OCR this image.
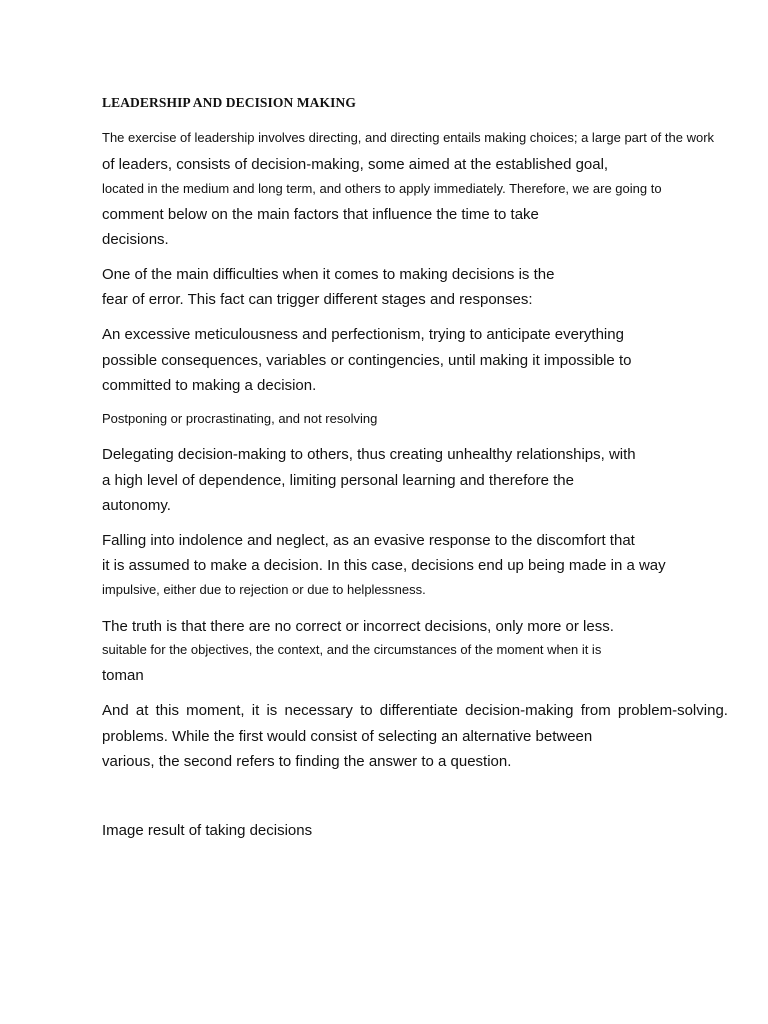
LEADERSHIP AND DECISION MAKING
The exercise of leadership involves directing, and directing entails making choices; a large part of the work
of leaders, consists of decision-making, some aimed at the established goal,
located in the medium and long term, and others to apply immediately. Therefore, we are going to
comment below on the main factors that influence the time to take
decisions.
One of the main difficulties when it comes to making decisions is the
fear of error. This fact can trigger different stages and responses:
An excessive meticulousness and perfectionism, trying to anticipate everything
possible consequences, variables or contingencies, until making it impossible to
committed to making a decision.
Postponing or procrastinating, and not resolving
Delegating decision-making to others, thus creating unhealthy relationships, with
a high level of dependence, limiting personal learning and therefore the
autonomy.
Falling into indolence and neglect, as an evasive response to the discomfort that
it is assumed to make a decision. In this case, decisions end up being made in a way
impulsive, either due to rejection or due to helplessness.
The truth is that there are no correct or incorrect decisions, only more or less.
suitable for the objectives, the context, and the circumstances of the moment when it is
toman
And at this moment, it is necessary to differentiate decision-making from problem-solving.
problems. While the first would consist of selecting an alternative between
various, the second refers to finding the answer to a question.
Image result of taking decisions
